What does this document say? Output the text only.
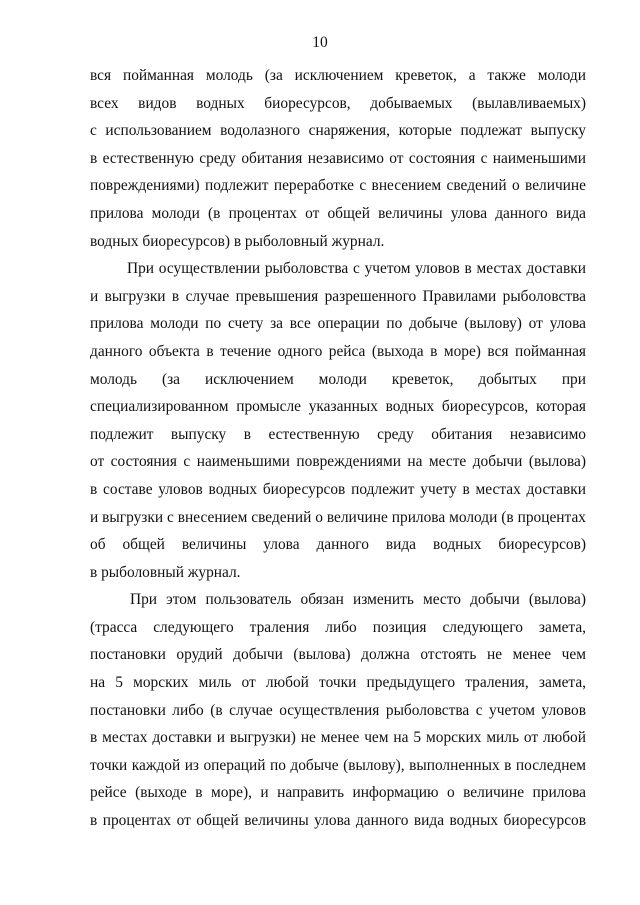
10
вся пойманная молодь (за исключением креветок, а также молоди
всех видов водных биоресурсов, добываемых (вылавливаемых)
с использованием водолазного снаряжения, которые подлежат выпуску
в естественную среду обитания независимо от состояния с наименьшими
повреждениями) подлежит переработке с внесением сведений о величине
прилова молоди (в процентах от общей величины улова данного вида
водных биоресурсов) в рыболовный журнал.
При осуществлении рыболовства с учетом уловов в местах доставки
и выгрузки в случае превышения разрешенного Правилами рыболовства
прилова молоди по счету за все операции по добыче (вылову) от улова
данного объекта в течение одного рейса (выхода в море) вся пойманная
молодь (за исключением молоди креветок, добытых при
специализированном промысле указанных водных биоресурсов, которая
подлежит выпуску в естественную среду обитания независимо
от состояния с наименьшими повреждениями на месте добычи (вылова)
в составе уловов водных биоресурсов подлежит учету в местах доставки
и выгрузки с внесением сведений о величине прилова молоди (в процентах
об общей величины улова данного вида водных биоресурсов)
в рыболовный журнал.
При этом пользователь обязан изменить место добычи (вылова)
(трасса следующего траления либо позиция следующего замета,
постановки орудий добычи (вылова) должна отстоять не менее чем
на 5 морских миль от любой точки предыдущего траления, замета,
постановки либо (в случае осуществления рыболовства с учетом уловов
в местах доставки и выгрузки) не менее чем на 5 морских миль от любой
точки каждой из операций по добыче (вылову), выполненных в последнем
рейсе (выходе в море), и направить информацию о величине прилова
в процентах от общей величины улова данного вида водных биоресурсов
